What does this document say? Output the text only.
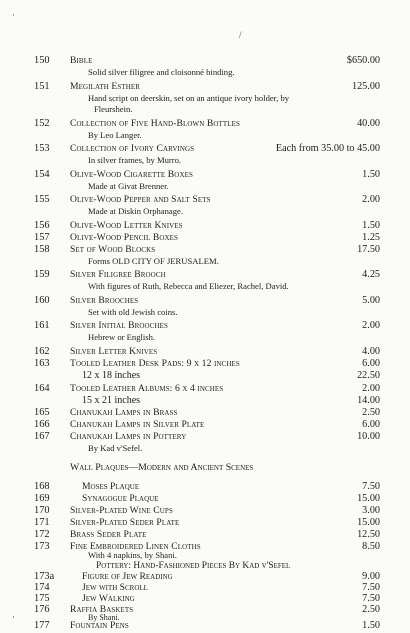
/
·
·
150	Bible	$650.00
Solid silver filigree and cloisonné binding.
151	Megilath Esther	125.00
Hand script on deerskin, set on an antique ivory holder, by
Fleurshein.
152	Collection of Five Hand-Blown Bottles	40.00
By Leo Langer.
153	Collection of Ivory Carvings	Each from 35.00 to 45.00
In silver frames, by Murro.
154	Olive-Wood Cigarette Boxes	1.50
Made at Givat Brenner.
155	Olive-Wood Pepper and Salt Sets	2.00
Made at Diskin Orphanage.
156	Olive-Wood Letter Knives	1.50
157	Olive-Wood Pencil Boxes	1.25
158	Set of Wood Blocks	17.50
Forms OLD CITY OF JERUSALEM.
159	Silver Filigree Brooch	4.25
With figures of Ruth, Rebecca and Eliezer, Rachel, David.
160	Silver Brooches	5.00
Set with old Jewish coins.
161	Silver Initial Brooches	2.00
Hebrew or English.
162	Silver Letter Knives	4.00
163	Tooled Leather Desk Pads: 9 x 12 inches	6.00
12 x 18 inches	22.50
164	Tooled Leather Albums: 6 x 4 inches	2.00
15 x 21 inches	14.00
165	Chanukah Lamps in Brass	2.50
166	Chanukah Lamps in Silver Plate	6.00
167	Chanukah Lamps in Pottery	10.00
By Kad v'Sefel.
Wall Plaques—Modern and Ancient Scenes
168	Moses Plaque	7.50
169	Synagogue Plaque	15.00
170	Silver-Plated Wine Cups	3.00
171	Silver-Plated Seder Plate	15.00
172	Brass Seder Plate	12.50
173	Fine Embroidered Linen Cloths	8.50
With 4 napkins, by Shani.
Pottery: Hand-Fashioned Pieces By Kad v'Sefel
173a	Figure of Jew Reading	9.00
174	Jew with Scroll	7.50
175	Jew Walking	7.50
176	Raffia Baskets	2.50
By Shani.
177	Fountain Pens	1.50
